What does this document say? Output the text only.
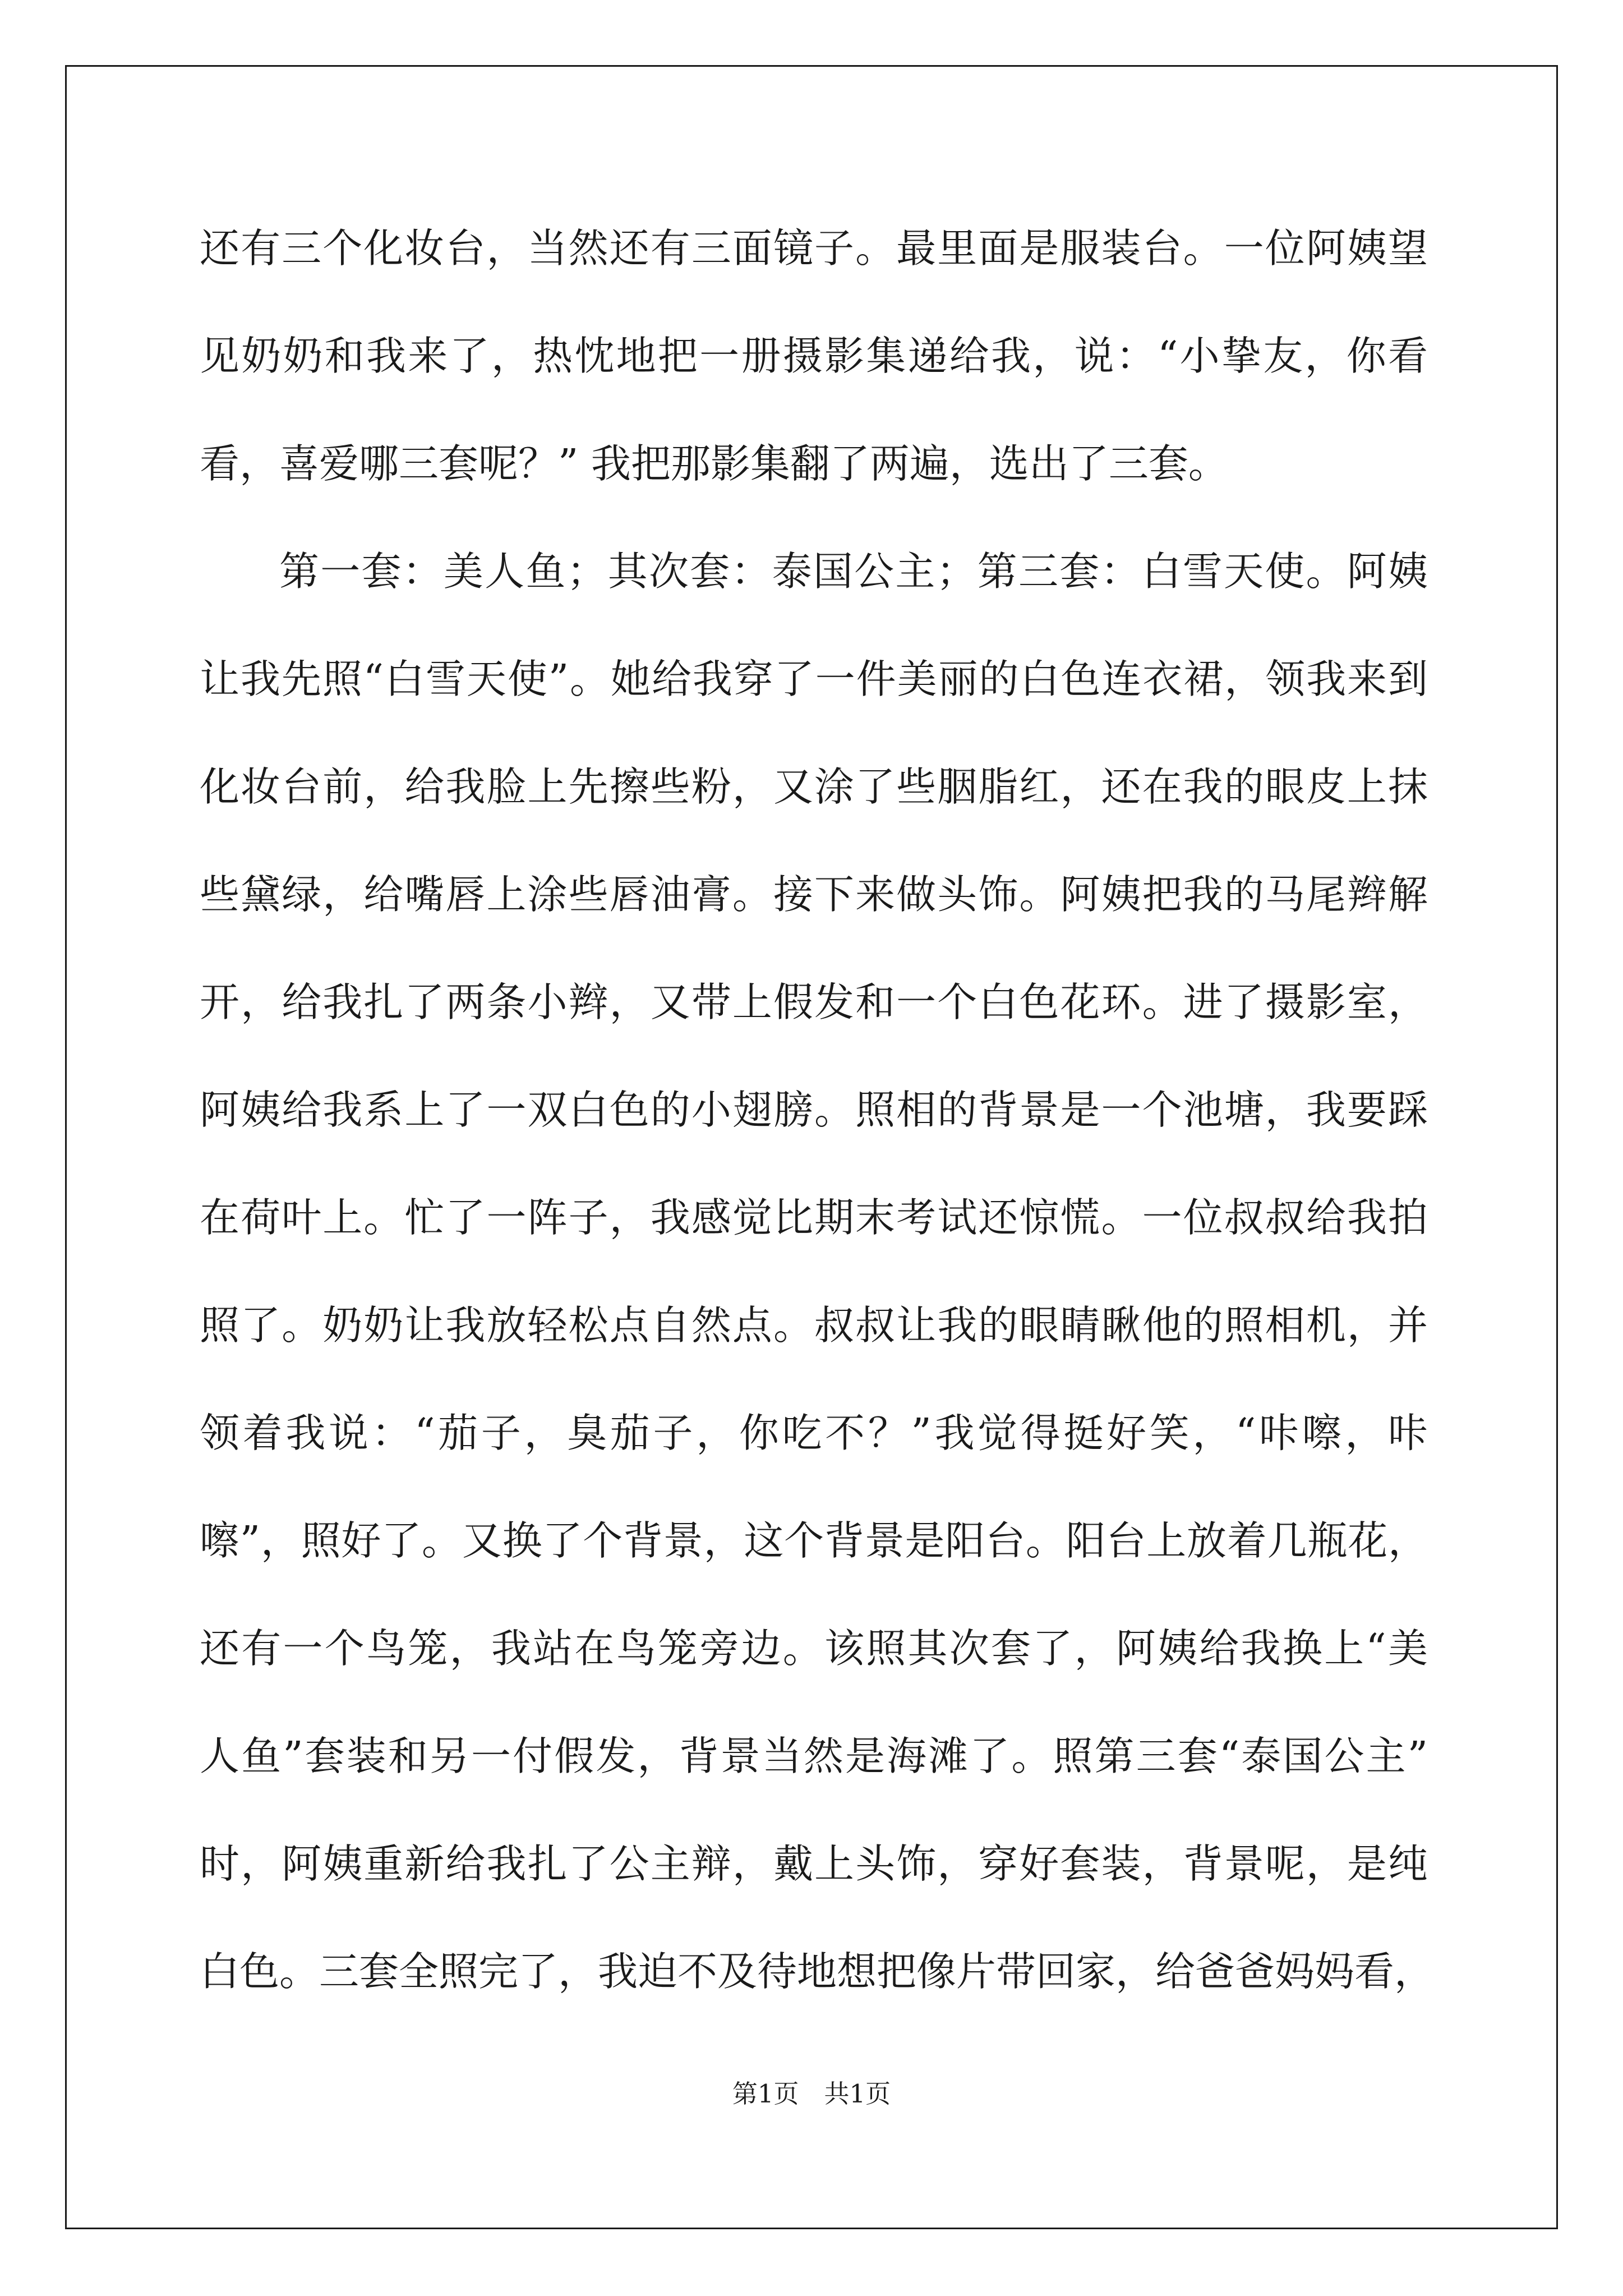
还有三个化妆台，当然还有三面镜子。最里面是服装台。一位阿姨望
见奶奶和我来了，热忱地把一册摄影集递给我，说：“小挚友，你看
看，喜爱哪三套呢？” 我把那影集翻了两遍，选出了三套。
第一套：美人鱼；其次套：泰国公主；第三套：白雪天使。阿姨
让我先照“白雪天使”。她给我穿了一件美丽的白色连衣裙，领我来到
化妆台前，给我脸上先擦些粉，又涂了些胭脂红，还在我的眼皮上抹
些黛绿，给嘴唇上涂些唇油膏。接下来做头饰。阿姨把我的马尾辫解
开，给我扎了两条小辫，又带上假发和一个白色花环。进了摄影室，
阿姨给我系上了一双白色的小翅膀。照相的背景是一个池塘，我要踩
在荷叶上。忙了一阵子，我感觉比期末考试还惊慌。一位叔叔给我拍
照了。奶奶让我放轻松点自然点。叔叔让我的眼睛瞅他的照相机，并
领着我说：“茄子，臭茄子，你吃不？”我觉得挺好笑，“咔嚓，咔
嚓”，照好了。又换了个背景，这个背景是阳台。阳台上放着几瓶花，
还有一个鸟笼，我站在鸟笼旁边。该照其次套了，阿姨给我换上“美
人鱼”套装和另一付假发，背景当然是海滩了。照第三套“泰国公主”
时，阿姨重新给我扎了公主辩，戴上头饰，穿好套装，背景呢，是纯
白色。三套全照完了，我迫不及待地想把像片带回家，给爸爸妈妈看，
第1页　共1页
